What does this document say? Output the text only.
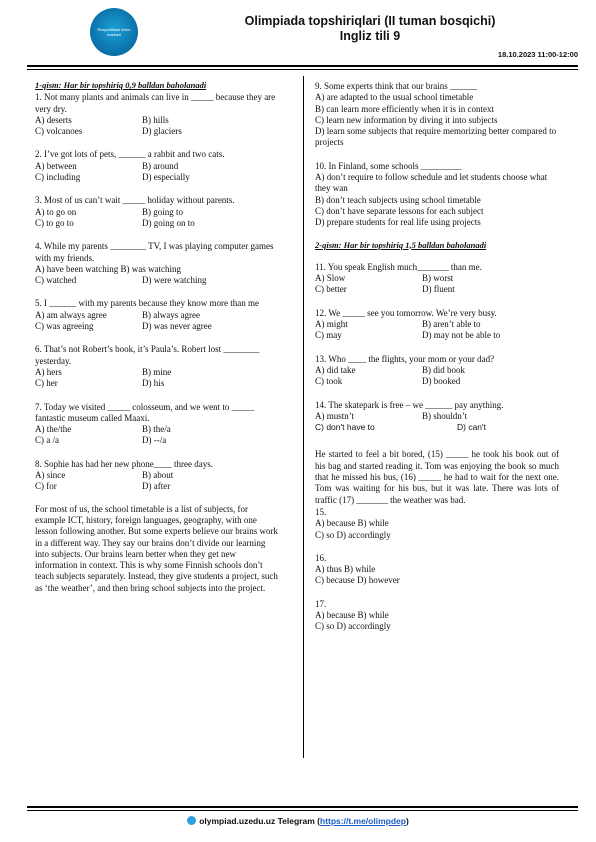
Respublikasi ta'lim markazi
Olimpiada topshiriqlari (II tuman bosqichi)
Ingliz tili 9
18.10.2023 11:00-12:00
1-qism: Har bir topshiriq 0,9 balldan baholanadi
1. Not many plants and animals can live in _____ because they are very dry.
A) deserts	B) hills
C) volcanoes	D) glaciers
2. I’ve got lots of pets, ______ a rabbit and two cats.
A) between	B) around
C) including	D) especially
3. Most of us can’t wait _____ holiday without parents.
A) to go on	B) going to
C) to go to	D) going on to
4. While my parents ________ TV, I was playing computer games with my friends.
A) have been watching B) was watching
C) watched	D) were watching
5. I ______ with my parents because they know more than me
A) am always agree	B) always agree
C) was agreeing	D) was never agree
6. That’s not Robert’s book, it’s Paula’s. Robert lost ________ yesterday.
A) hers	B) mine
C) her	D) his
7. Today we visited _____ colosseum, and we went to _____ fantastic museum called Maaxi.
A) the/the	B) the/a
C) a /a	D) --/a
8. Sophie has had her new phone____ three days.
A) since	B) about
C) for	D) after
For most of us, the school timetable is a list of subjects, for example ICT, history, foreign languages, geography, with one lesson following another. But some experts believe our brains work in a different way. They say our brains don’t divide our learning into subjects. Our brains learn better when they get new information in context. This is why some Finnish schools don’t teach subjects separately. Instead, they give students a project, such as ‘the weather’, and then bring school subjects into the project.
9. Some experts think that our brains ______
A) are adapted to the usual school timetable
B) can learn more efficiently when it is in context
C) learn new information by diving it into subjects
D) learn some subjects that require memorizing better compared to projects
10. In Finland, some schools _________
A) don’t require to follow schedule and let students choose what they wan
B) don’t teach subjects using school timetable
C) don’t have separate lessons for each subject
D) prepare students for real life using projects
2-qism: Har bir topshiriq 1,5 balldan baholanadi
11. You speak English much_______ than me.
A) Slow	B) worst
C) better	D) fluent
12. We _____ see you tomorrow. We’re very busy.
A) might	B) aren’t able to
C) may	D) may not be able to
13. Who ____ the flights, your mom or your dad?
A) did take	B) did book
C) took	D) booked
14. The skatepark is free – we ______ pay anything.
A) mustn’t	B) shouldn’t
C) don't have to	D) can't
He started to feel a bit bored, (15) _____ he took his book out of his bag and started reading it. Tom was enjoying the book so much that he missed his bus, (16) _____ he had to wait for the next one. Tom was waiting for his bus, but it was late. There was lots of traffic (17) _______ the weather was bad.
15.
A) because B) while
C) so D) accordingly
16.
A) thus B) while
C) because D) however
17.
A) because B) while
C) so D) accordingly
olympiad.uzedu.uz Telegram (https://t.me/olimpdep)
